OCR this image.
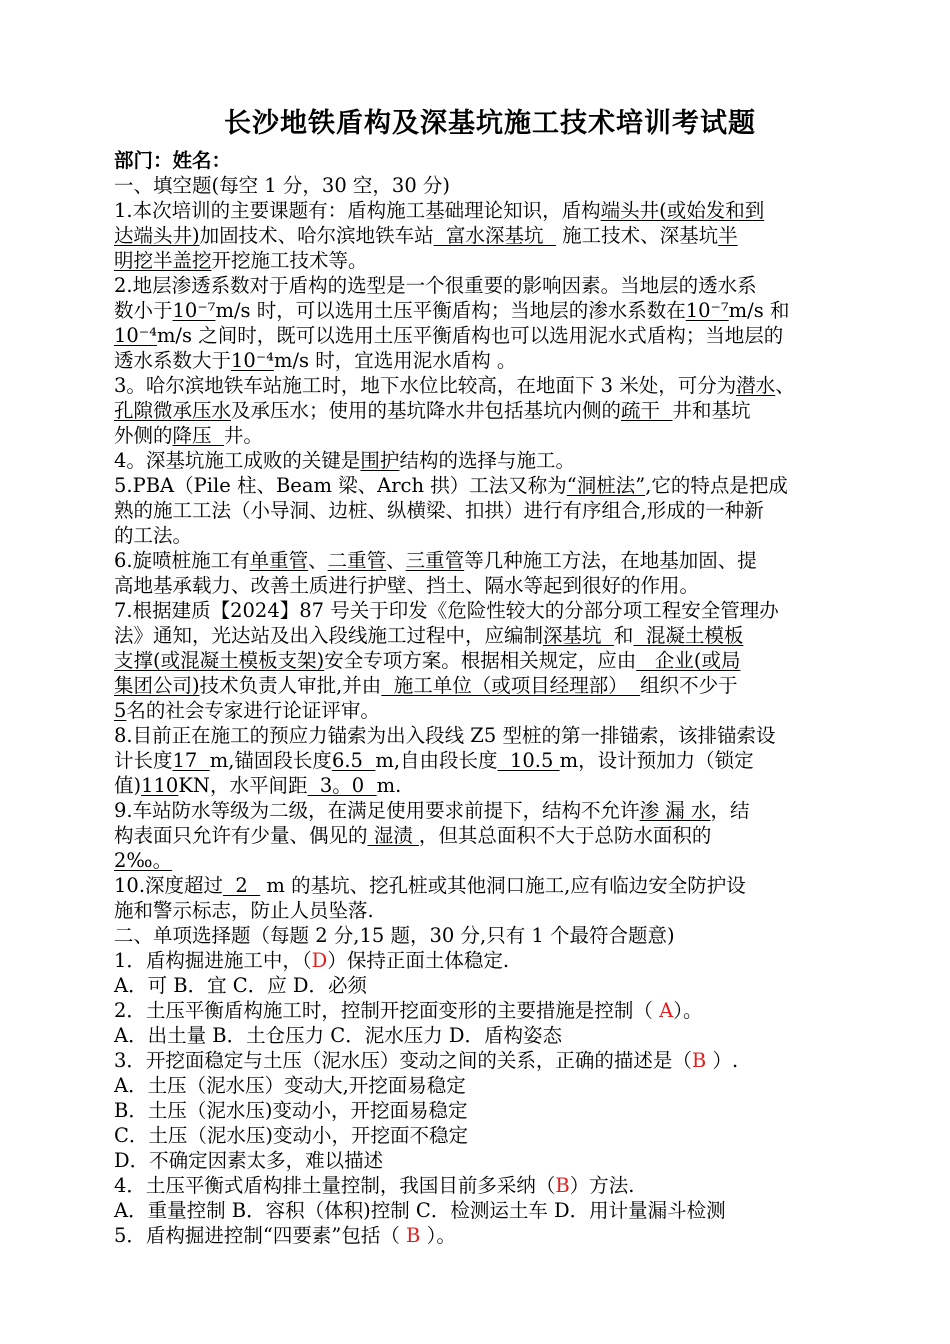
长沙地铁盾构及深基坑施工技术培训考试题
部门：姓名：
一、填空题(每空 1 分，30 空，30 分)
1.本次培训的主要课题有：盾构施工基础理论知识，盾构端头井(或始发和到
达端头井)加固技术、哈尔滨地铁车站  富水深基坑   施工技术、深基坑半
明挖半盖挖开挖施工技术等。
2.地层渗透系数对于盾构的选型是一个很重要的影响因素。当地层的透水系
数小于10⁻⁷m/s 时，可以选用土压平衡盾构；当地层的渗水系数在10⁻⁷m/s 和
10⁻⁴m/s 之间时，既可以选用土压平衡盾构也可以选用泥水式盾构；当地层的
透水系数大于10⁻⁴m/s 时，宜选用泥水盾构 。
3。哈尔滨地铁车站施工时，地下水位比较高，在地面下 3 米处，可分为潜水、
孔隙微承压水及承压水；使用的基坑降水井包括基坑内侧的疏干  井和基坑
外侧的降压  井。
4。深基坑施工成败的关键是围护结构的选择与施工。
5.PBA（Pile 柱、Beam 梁、Arch 拱）工法又称为“洞桩法”,它的特点是把成
熟的施工工法（小导洞、边桩、纵横梁、扣拱）进行有序组合,形成的一种新
的工法。
6.旋喷桩施工有单重管、二重管、三重管等几种施工方法，在地基加固、提
高地基承载力、改善土质进行护壁、挡土、隔水等起到很好的作用。
7.根据建质【2024】87 号关于印发《危险性较大的分部分项工程安全管理办
法》通知，光达站及出入段线施工过程中，应编制深基坑  和  混凝土模板
支撑(或混凝土模板支架)安全专项方案。根据相关规定，应由   企业(或局
集团公司)技术负责人审批,并由  施工单位（或项目经理部）  组织不少于
5名的社会专家进行论证评审。
8.目前正在施工的预应力锚索为出入段线 Z5 型桩的第一排锚索，该排锚索设
计长度17  m,锚固段长度6.5  m,自由段长度  10.5 m，设计预加力（锁定
值)110KN，水平间距  3。0  m.
9.车站防水等级为二级，在满足使用要求前提下，结构不允许渗 漏 水，结
构表面只允许有少量、偶见的 湿渍 ，但其总面积不大于总防水面积的
2‰。
10.深度超过  2   m 的基坑、挖孔桩或其他洞口施工,应有临边安全防护设
施和警示标志，防止人员坠落.
二、单项选择题（每题 2 分,15 题，30 分,只有 1 个最符合题意)
1．盾构掘进施工中，（D）保持正面土体稳定.
A．可 B．宜 C．应 D．必须
2．土压平衡盾构施工时，控制开挖面变形的主要措施是控制（ A）。
A．出土量 B．土仓压力 C．泥水压力 D．盾构姿态
3．开挖面稳定与土压（泥水压）变动之间的关系，正确的描述是（B ）.
A．土压（泥水压）变动大,开挖面易稳定
B．土压（泥水压)变动小，开挖面易稳定
C．土压（泥水压)变动小，开挖面不稳定
D．不确定因素太多，难以描述
4．土压平衡式盾构排土量控制，我国目前多采纳（B）方法.
A．重量控制 B．容积（体积)控制 C．检测运土车 D．用计量漏斗检测
5．盾构掘进控制“四要素”包括（ B ）。
